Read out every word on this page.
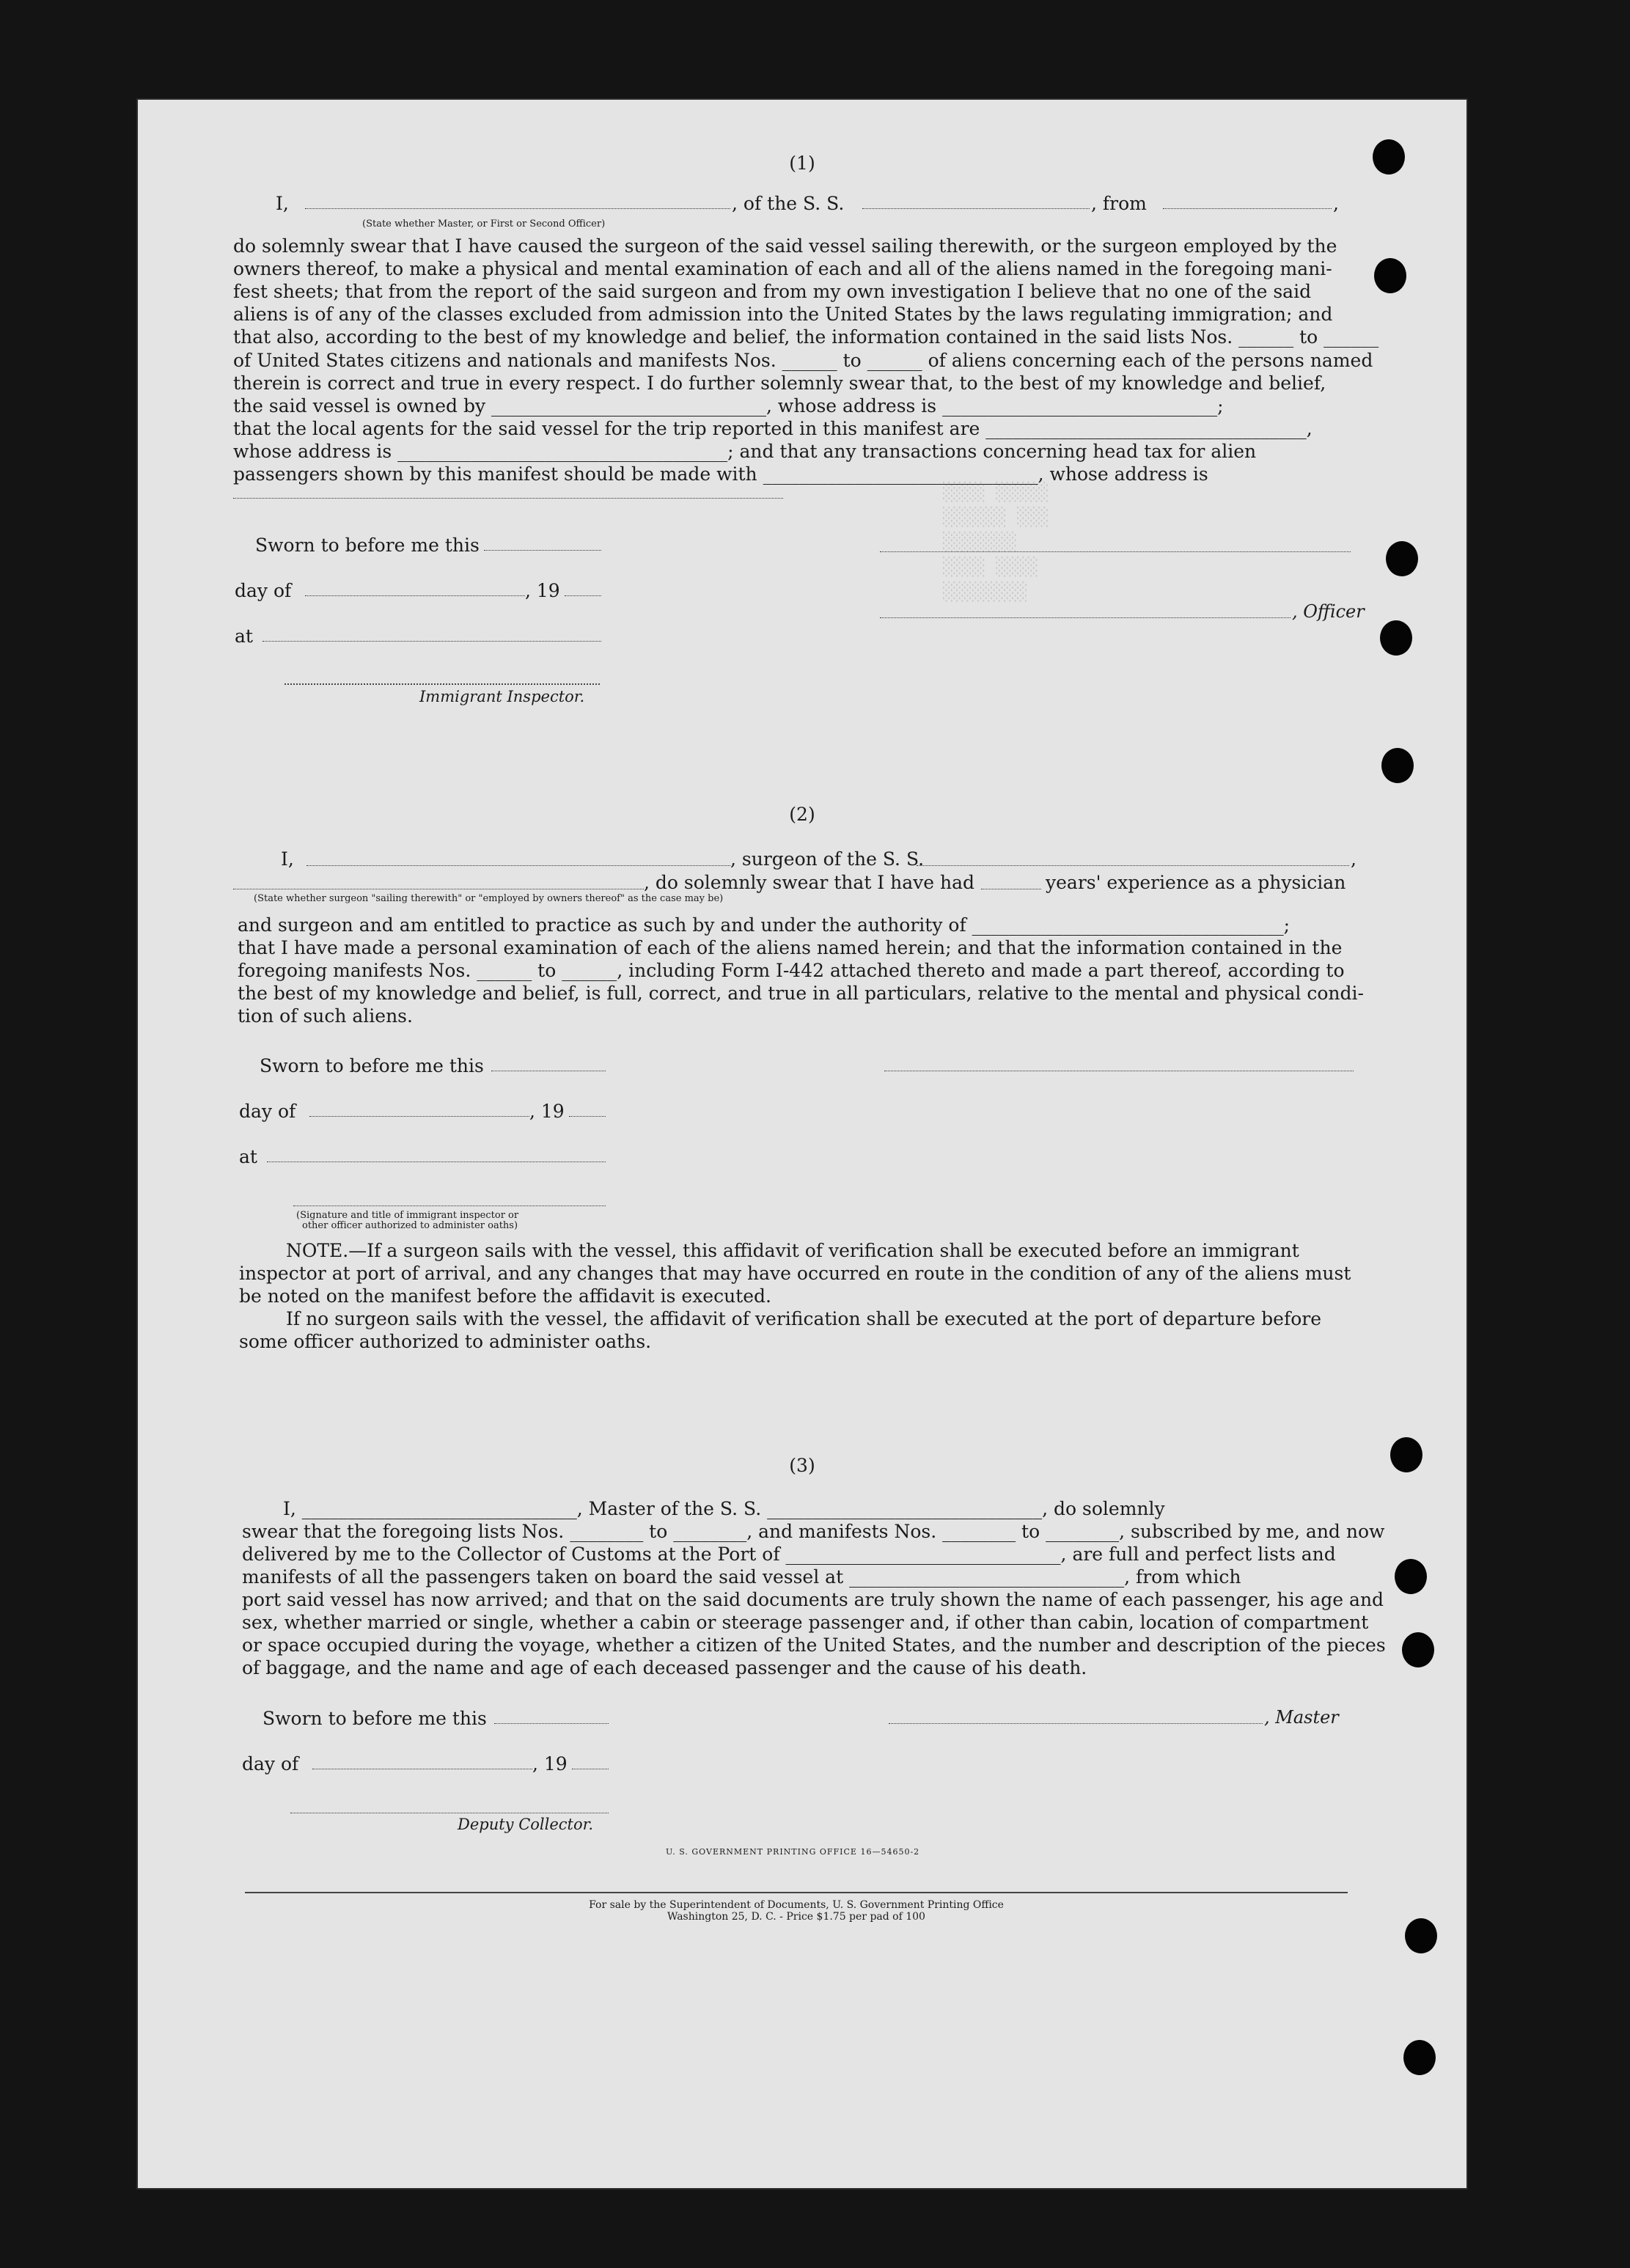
░░░░ ░░░░░
░░░░░░ ░░░
░░░░░░░
░░░░ ░░░░
░░░░░░░░
(1)
I,	, of the S. S.	, from	,
(State whether Master, or First or Second Officer)
do solemnly swear that I have caused the surgeon of the said vessel sailing therewith, or the surgeon employed by the
owners thereof, to make a physical and mental examination of each and all of the aliens named in the foregoing mani-
fest sheets; that from the report of the said surgeon and from my own investigation I believe that no one of the said
aliens is of any of the classes excluded from admission into the United States by the laws regulating immigration; and
that also, according to the best of my knowledge and belief, the information contained in the said lists Nos. ______ to ______
of United States citizens and nationals and manifests Nos. ______ to ______ of aliens concerning each of the persons named
therein is correct and true in every respect. I do further solemnly swear that, to the best of my knowledge and belief,
the said vessel is owned by ______________________________, whose address is ______________________________;
that the local agents for the said vessel for the trip reported in this manifest are ___________________________________,
whose address is ____________________________________; and that any transactions concerning head tax for alien
passengers shown by this manifest should be made with ______________________________, whose address is
Sworn to before me this
day of	, 19
at
Immigrant Inspector.
, Officer
(2)
I,	, surgeon of the S. S.	,
, do solemnly swear that I have had	years' experience as a physician
(State whether surgeon "sailing therewith" or "employed by owners thereof" as the case may be)
and surgeon and am entitled to practice as such by and under the authority of __________________________________;
that I have made a personal examination of each of the aliens named herein; and that the information contained in the
foregoing manifests Nos. ______ to ______, including Form I-442 attached thereto and made a part thereof, according to
the best of my knowledge and belief, is full, correct, and true in all particulars, relative to the mental and physical condi-
tion of such aliens.
Sworn to before me this
day of	, 19
at
(Signature and title of immigrant inspector or
other officer authorized to administer oaths)
NOTE.—If a surgeon sails with the vessel, this affidavit of verification shall be executed before an immigrant
inspector at port of arrival, and any changes that may have occurred en route in the condition of any of the aliens must
be noted on the manifest before the affidavit is executed.
If no surgeon sails with the vessel, the affidavit of verification shall be executed at the port of departure before
some officer authorized to administer oaths.
(3)
I, ______________________________, Master of the S. S. ______________________________, do solemnly
swear that the foregoing lists Nos. ________ to ________, and manifests Nos. ________ to ________, subscribed by me, and now
delivered by me to the Collector of Customs at the Port of ______________________________, are full and perfect lists and
manifests of all the passengers taken on board the said vessel at ______________________________, from which
port said vessel has now arrived; and that on the said documents are truly shown the name of each passenger, his age and
sex, whether married or single, whether a cabin or steerage passenger and, if other than cabin, location of compartment
or space occupied during the voyage, whether a citizen of the United States, and the number and description of the pieces
of baggage, and the name and age of each deceased passenger and the cause of his death.
Sworn to before me this	, Master
day of	, 19
Deputy Collector.
U. S. GOVERNMENT PRINTING OFFICE 16—54650-2
For sale by the Superintendent of Documents, U. S. Government Printing Office
Washington 25, D. C. - Price $1.75 per pad of 100
